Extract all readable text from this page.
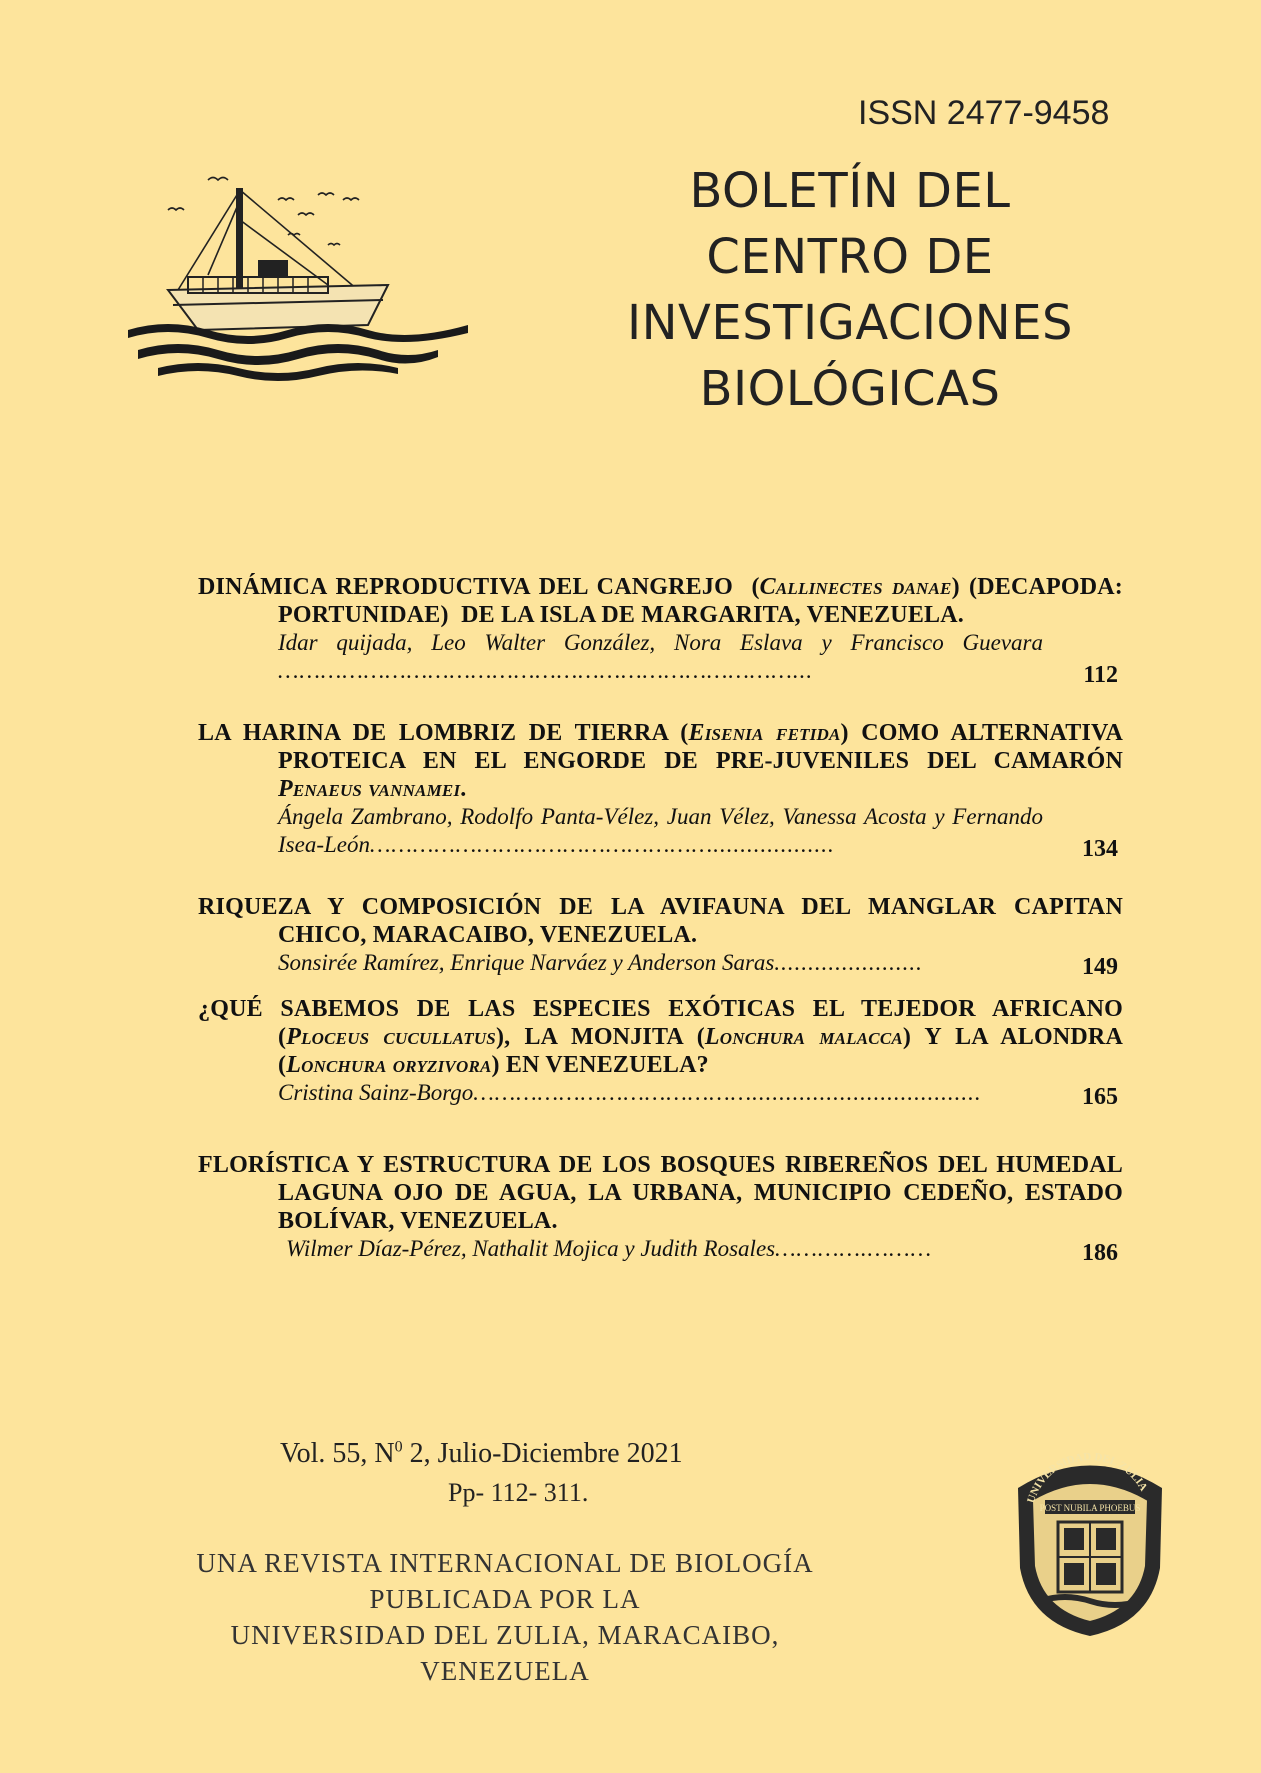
ISSN 2477-9458
BOLETÍN DEL
CENTRO DE
INVESTIGACIONES
BIOLÓGICAS
DINÁMICA REPRODUCTIVA DEL CANGREJO  (Callinectes danae) (DECAPODA: PORTUNIDAE)  DE LA ISLA DE MARGARITA, VENEZUELA.
Idar quijada, Leo Walter González, Nora Eslava y Francisco Guevara ………………………………………………………………...	112
LA HARINA DE LOMBRIZ DE TIERRA (Eisenia fetida) COMO ALTERNATIVA PROTEICA EN EL ENGORDE DE PRE-JUVENILES DEL CAMARÓN Penaeus vannamei.
Ángela Zambrano, Rodolfo Panta-Vélez, Juan Vélez, Vanessa Acosta y Fernando Isea-León…………………………………………..................	134
RIQUEZA Y COMPOSICIÓN DE LA AVIFAUNA DEL MANGLAR CAPITAN CHICO, MARACAIBO, VENEZUELA.
Sonsirée Ramírez, Enrique Narváez y Anderson Saras......................	149
¿QUÉ SABEMOS DE LAS ESPECIES EXÓTICAS EL TEJEDOR AFRICANO (Ploceus cucullatus), LA MONJITA (Lonchura malacca) Y LA ALONDRA (Lonchura oryzivora) EN VENEZUELA?
Cristina Sainz-Borgo…………………………………..................................	165
FLORÍSTICA Y ESTRUCTURA DE LOS BOSQUES RIBEREÑOS DEL HUMEDAL LAGUNA OJO DE AGUA, LA URBANA, MUNICIPIO CEDEÑO, ESTADO BOLÍVAR, VENEZUELA.
Wilmer Díaz-Pérez, Nathalit Mojica y Judith Rosales………….………	186
Vol. 55, $N^0$ 2, Julio-Diciembre 2021
Pp- 112- 311.
UNA REVISTA INTERNACIONAL DE BIOLOGÍA
PUBLICADA POR LA
UNIVERSIDAD DEL ZULIA, MARACAIBO, VENEZUELA
UNIVERSIDAD DEL ZULIA
POST NUBILA PHOEBUS
